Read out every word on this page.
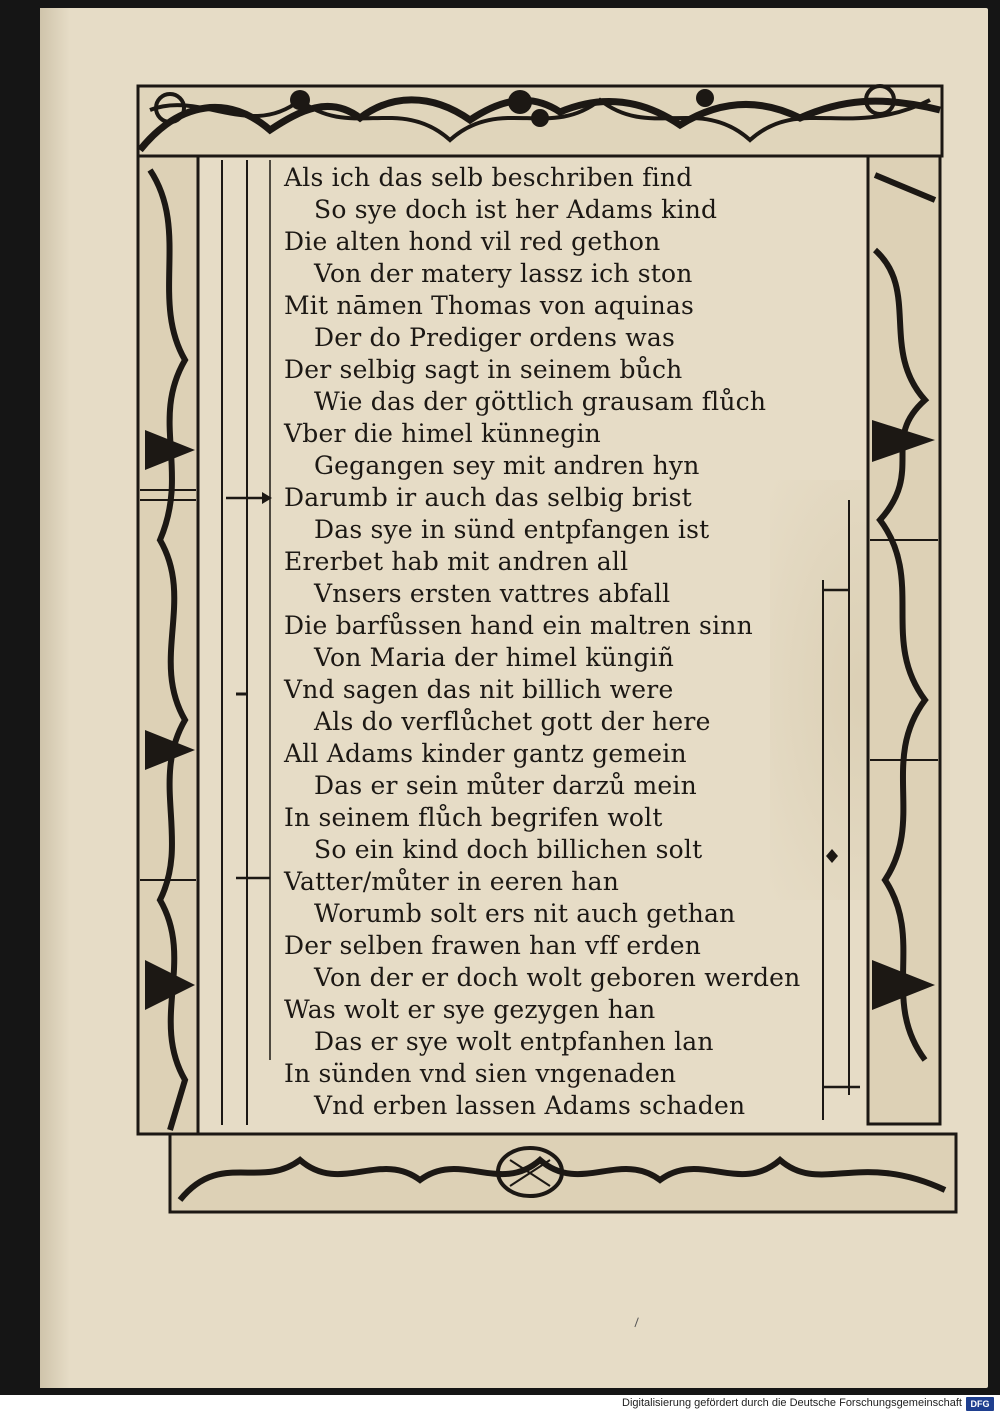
Als ich das selb beschriben find
So sye doch ist her Adams kind
Die alten hond vil red gethon
Von der matery lassz ich ston
Mit nāmen Thomas von aquinas
Der do Prediger ordens was
Der selbig sagt in seinem bůch
Wie das der göttlich grausam flůch
Vber die himel künnegin
Gegangen sey mit andren hyn
Darumb ir auch das selbig brist
Das sye in sünd entpfangen ist
Ererbet hab mit andren all
Vnsers ersten vattres abfall
Die barfůssen hand ein maltren sinn
Von Maria der himel küngiñ
Vnd sagen das nit billich were
Als do verflůchet gott der here
All Adams kinder gantz gemein
Das er sein můter darzů mein
In seinem flůch begrifen wolt
So ein kind doch billichen solt
Vatter/můter in eeren han
Worumb solt ers nit auch gethan
Der selben frawen han vff erden
Von der er doch wolt geboren werden
Was wolt er sye gezygen han
Das er sye wolt entpfanhen lan
In sünden vnd sien vngenaden
Vnd erben lassen Adams schaden
Digitalisierung gefördert durch die Deutsche Forschungsgemeinschaft DFG
